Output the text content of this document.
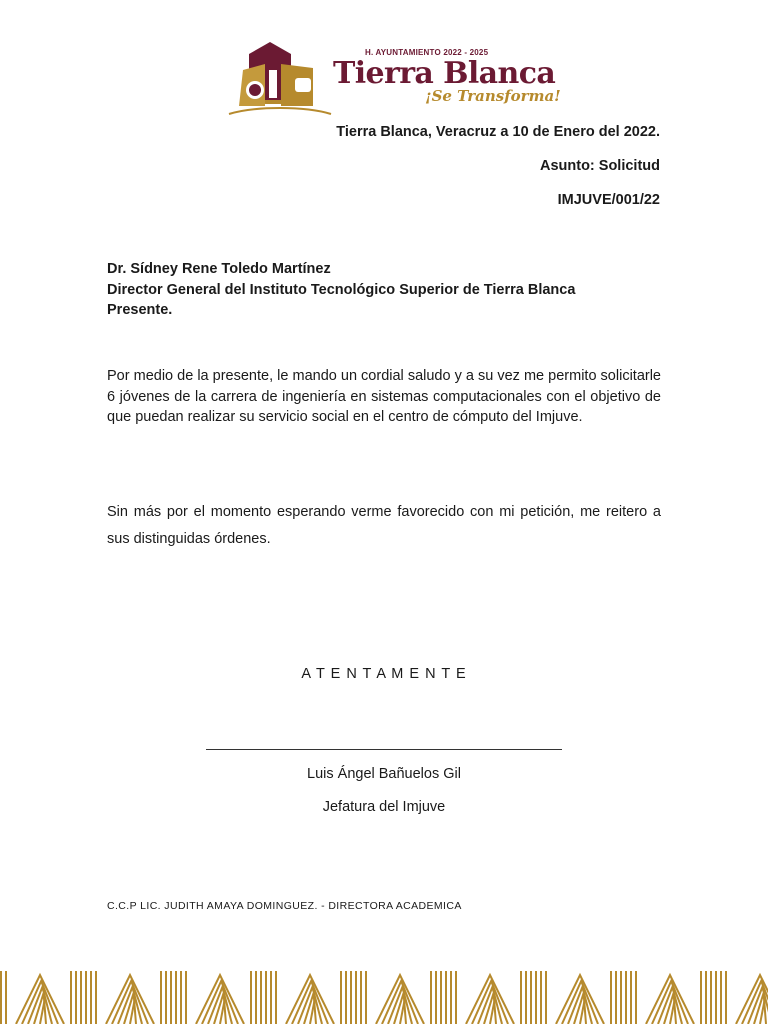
H. AYUNTAMIENTO 2022 - 2025
Tierra Blanca
¡Se Transforma!
Tierra Blanca, Veracruz a 10 de Enero del 2022.
Asunto: Solicitud
IMJUVE/001/22
Dr. Sídney Rene Toledo Martínez
Director General del Instituto Tecnológico Superior de Tierra Blanca
Presente.
Por medio de la presente, le mando un cordial saludo y a su vez me permito solicitarle 6 jóvenes de la carrera de ingeniería en sistemas computacionales con el objetivo de que puedan realizar su servicio social en el centro de cómputo del Imjuve.
Sin más por el momento esperando verme favorecido con mi petición, me reitero a sus distinguidas órdenes.
A T E N T A M E N T E
Luis Ángel Bañuelos Gil
Jefatura del Imjuve
C.C.P LIC. JUDITH AMAYA DOMINGUEZ. - DIRECTORA ACADEMICA
